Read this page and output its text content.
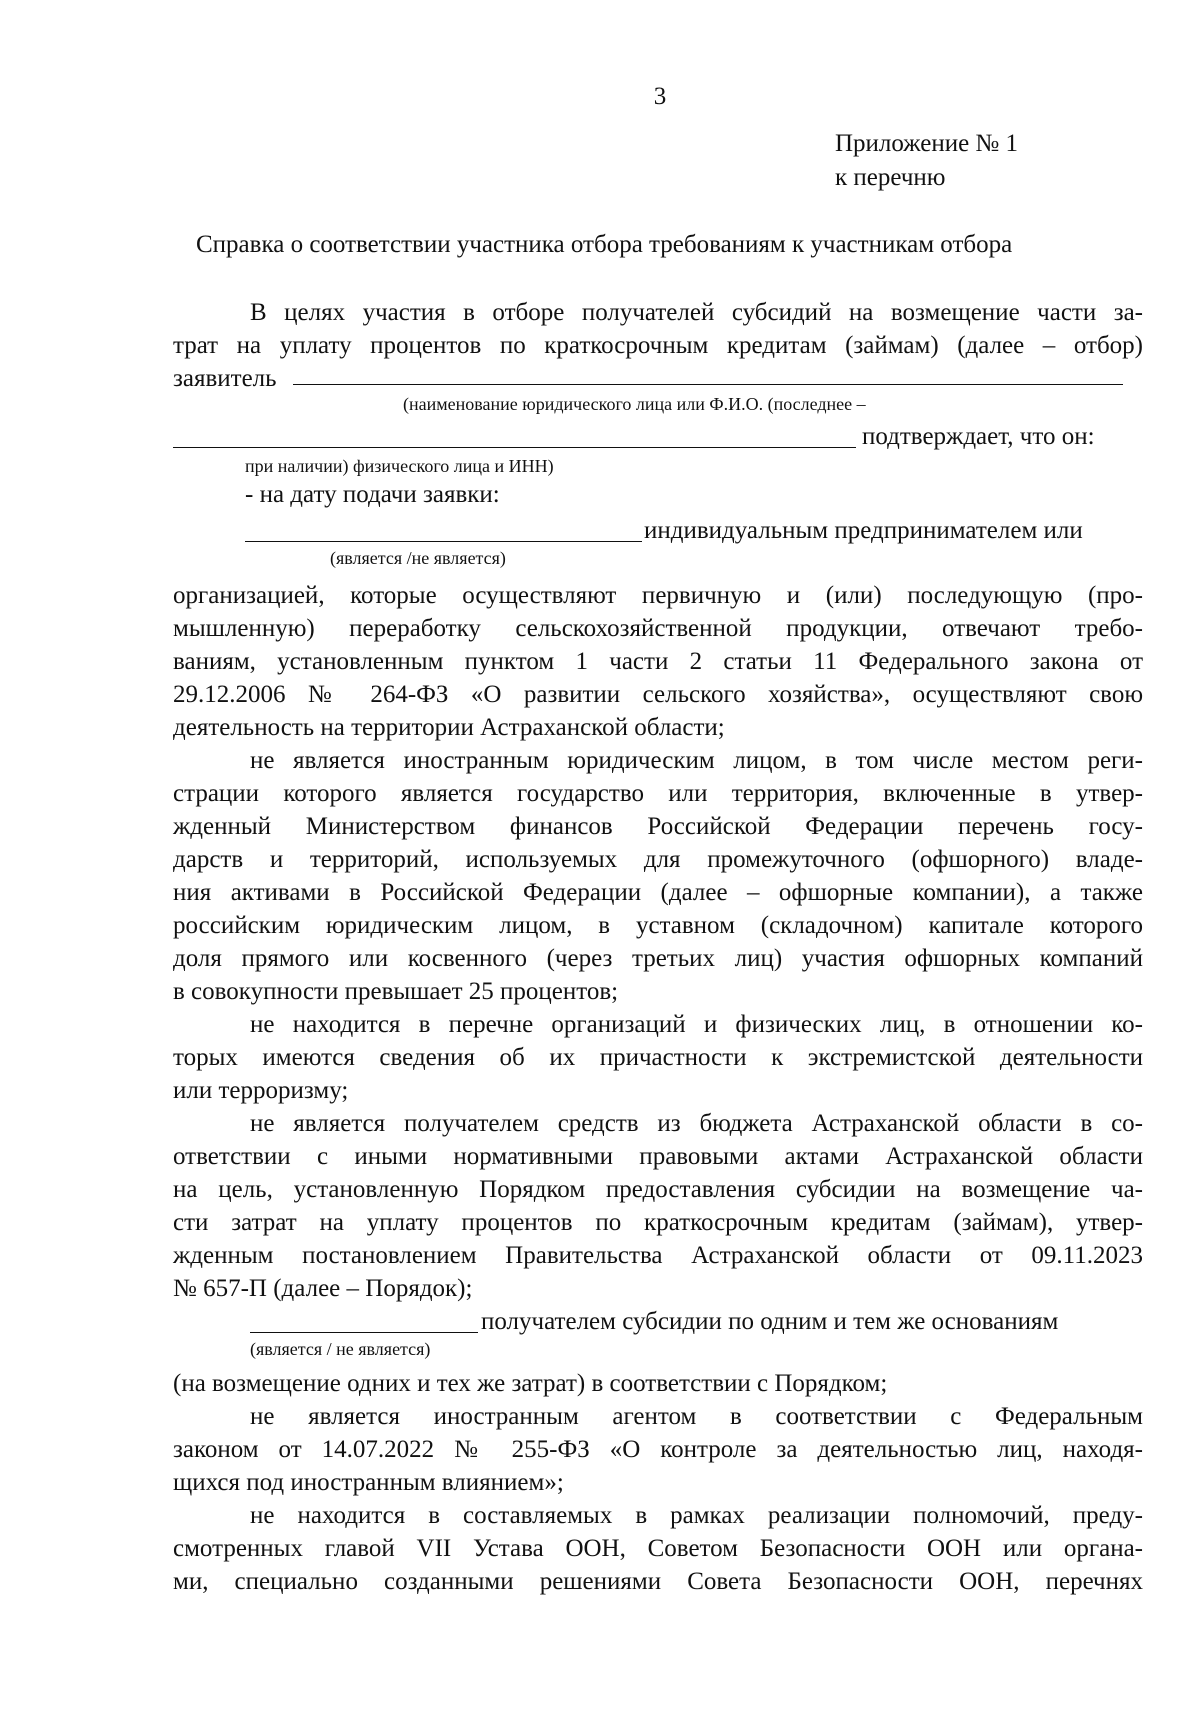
3
Приложение № 1
к перечню
Справка о соответствии участника отбора требованиям к участникам отбора
В целях участия в отборе получателей субсидий на возмещение части за-
трат на уплату процентов по краткосрочным кредитам (займам) (далее – отбор)
заявитель
(наименование юридического лица или Ф.И.О. (последнее –
подтверждает, что он:
при наличии) физического лица и ИНН)
- на дату подачи заявки:
индивидуальным предпринимателем или
(является /не является)
организацией, которые осуществляют первичную и (или) последующую (про-
мышленную) переработку сельскохозяйственной продукции, отвечают требо-
ваниям, установленным пунктом 1 части 2 статьи 11 Федерального закона от
29.12.2006 № 264-ФЗ «О развитии сельского хозяйства», осуществляют свою
деятельность на территории Астраханской области;
не является иностранным юридическим лицом, в том числе местом реги-
страции которого является государство или территория, включенные в утвер-
жденный Министерством финансов Российской Федерации перечень госу-
дарств и территорий, используемых для промежуточного (офшорного) владе-
ния активами в Российской Федерации (далее – офшорные компании), а также
российским юридическим лицом, в уставном (складочном) капитале которого
доля прямого или косвенного (через третьих лиц) участия офшорных компаний
в совокупности превышает 25 процентов;
не находится в перечне организаций и физических лиц, в отношении ко-
торых имеются сведения об их причастности к экстремистской деятельности
или терроризму;
не является получателем средств из бюджета Астраханской области в со-
ответствии с иными нормативными правовыми актами Астраханской области
на цель, установленную Порядком предоставления субсидии на возмещение ча-
сти затрат на уплату процентов по краткосрочным кредитам (займам), утвер-
жденным постановлением Правительства Астраханской области от 09.11.2023
№ 657-П (далее – Порядок);
получателем субсидии по одним и тем же основаниям
(является / не является)
(на возмещение одних и тех же затрат) в соответствии с Порядком;
не является иностранным агентом в соответствии с Федеральным
законом от 14.07.2022 № 255-ФЗ «О контроле за деятельностью лиц, находя-
щихся под иностранным влиянием»;
не находится в составляемых в рамках реализации полномочий, преду-
смотренных главой VII Устава ООН, Советом Безопасности ООН или органа-
ми, специально созданными решениями Совета Безопасности ООН, перечнях
